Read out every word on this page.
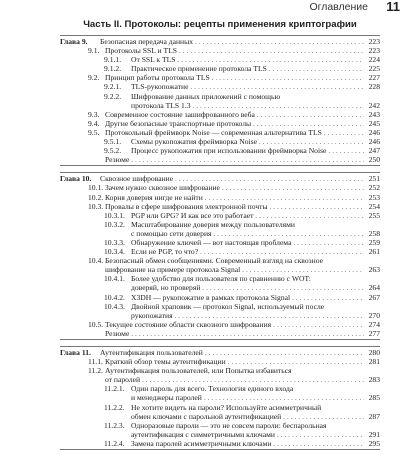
Оглавление 11
Часть II. Протоколы: рецепты применения криптографии
Глава 9.	Безопасная передача данных . . .	223
9.1. Протоколы SSL и TLS . . .	223
9.1.1.	От SSL к TLS . . .	224
9.1.2.	Практическое применение протокола TLS . . .	225
9.2. Принцип работы протокола TLS . . .	227
9.2.1.	TLS-рукопожатие . . .	228
9.2.2.	Шифрование данных приложений с помощью
протокола TLS 1.3 . . .	242
9.3. Современное состояние зашифрованного веба . . .	243
9.4. Другие безопасные транспортные протоколы . . .	245
9.5. Протокольный фреймворк Noise — современная альтернатива TLS . . .	246
9.5.1.	Схемы рукопожатия фреймворка Noise . . .	246
9.5.2.	Процесс рукопожатия при использовании фреймворка Noise . . .	247
Резюме . . .	250
Глава 10.	Сквозное шифрование . . .	251
10.1. Зачем нужно сквозное шифрование . . .	252
10.2. Корня доверия нигде не найти . . .	253
10.3. Провалы в сфере шифрования электронной почты . . .	254
10.3.1. PGP или GPG? И как все это работает . . .	255
10.3.2. Масштабирование доверия между пользователями
с помощью сети доверия . . .	258
10.3.3. Обнаружение ключей — вот настоящая проблема . . .	259
10.3.4. Если не PGP, то что? . . .	261
10.4. Безопасный обмен сообщениями. Современный взгляд на сквозное
шифрование на примере протокола Signal . . .	263
10.4.1. Более удобство для пользователя по сравнению с WOT:
доверяй, но проверяй . . .	264
10.4.2. X3DH — рукопожатие в рамках протокола Signal . . .	267
10.4.3. Двойной храповик — протокол Signal, используемый после
рукопожатия . . .	270
10.5. Текущее состояние области сквозного шифрования . . .	274
Резюме . . .	277
Глава 11.	Аутентификация пользователей . . .	280
11.1. Краткий обзор темы аутентификации . . .	281
11.2. Аутентификация пользователей, или Попытка избавиться
от паролей . . .	283
11.2.1. Один пароль для всего. Технология единого входа
и менеджеры паролей . . .	285
11.2.2. Не хотите видеть на пароли? Используйте асимметричный
обмен ключами с парольной аутентификацией . . .	287
11.2.3. Одноразовые пароли — это не совсем пароли: беспарольная
аутентификация с симметричными ключами . . .	291
11.2.4. Замена паролей асимметричными ключами . . .	295
